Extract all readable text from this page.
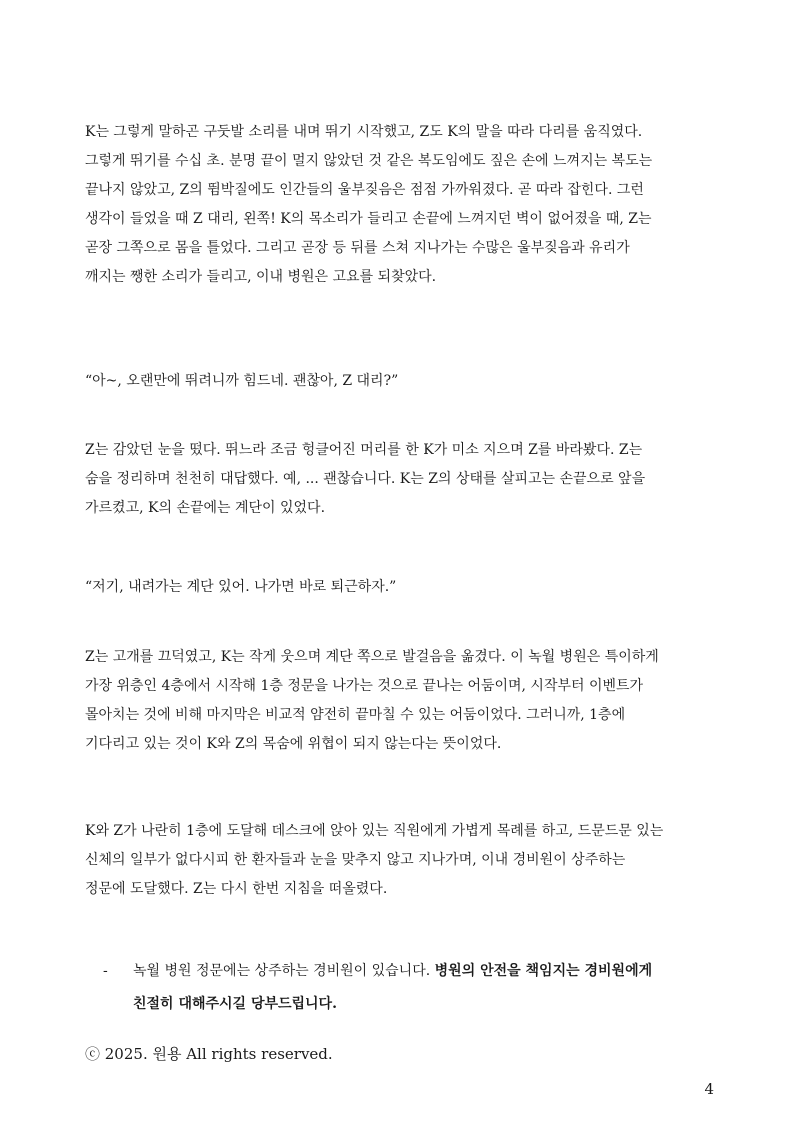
K는 그렇게 말하곤 구둣발 소리를 내며 뛰기 시작했고, Z도 K의 말을 따라 다리를 움직였다.
그렇게 뛰기를 수십 초. 분명 끝이 멀지 않았던 것 같은 복도임에도 짚은 손에 느껴지는 복도는
끝나지 않았고, Z의 뜀박질에도 인간들의 울부짖음은 점점 가까워졌다. 곧 따라 잡힌다. 그런
생각이 들었을 때 Z 대리, 왼쪽! K의 목소리가 들리고 손끝에 느껴지던 벽이 없어졌을 때, Z는
곧장 그쪽으로 몸을 틀었다. 그리고 곧장 등 뒤를 스쳐 지나가는 수많은 울부짖음과 유리가
깨지는 쨍한 소리가 들리고, 이내 병원은 고요를 되찾았다.

“아~, 오랜만에 뛰려니까 힘드네. 괜찮아, Z 대리?”

Z는 감았던 눈을 떴다. 뛰느라 조금 헝클어진 머리를 한 K가 미소 지으며 Z를 바라봤다. Z는
숨을 정리하며 천천히 대답했다. 예, ... 괜찮습니다. K는 Z의 상태를 살피고는 손끝으로 앞을
가르켰고, K의 손끝에는 계단이 있었다.

“저기, 내려가는 계단 있어. 나가면 바로 퇴근하자.”

Z는 고개를 끄덕였고, K는 작게 웃으며 계단 쪽으로 발걸음을 옮겼다. 이 녹월 병원은 특이하게
가장 위층인 4층에서 시작해 1층 정문을 나가는 것으로 끝나는 어둠이며, 시작부터 이벤트가
몰아치는 것에 비해 마지막은 비교적 얌전히 끝마칠 수 있는 어둠이었다. 그러니까, 1층에
기다리고 있는 것이 K와 Z의 목숨에 위협이 되지 않는다는 뜻이었다.

K와 Z가 나란히 1층에 도달해 데스크에 앉아 있는 직원에게 가볍게 목례를 하고, 드문드문 있는
신체의 일부가 없다시피 한 환자들과 눈을 맞추지 않고 지나가며, 이내 경비원이 상주하는
정문에 도달했다. Z는 다시 한번 지침을 떠올렸다.

- 녹월 병원 정문에는 상주하는 경비원이 있습니다. 병원의 안전을 책임지는 경비원에게
친절히 대해주시길 당부드립니다.
ⓒ 2025. 원용 All rights reserved.
4
